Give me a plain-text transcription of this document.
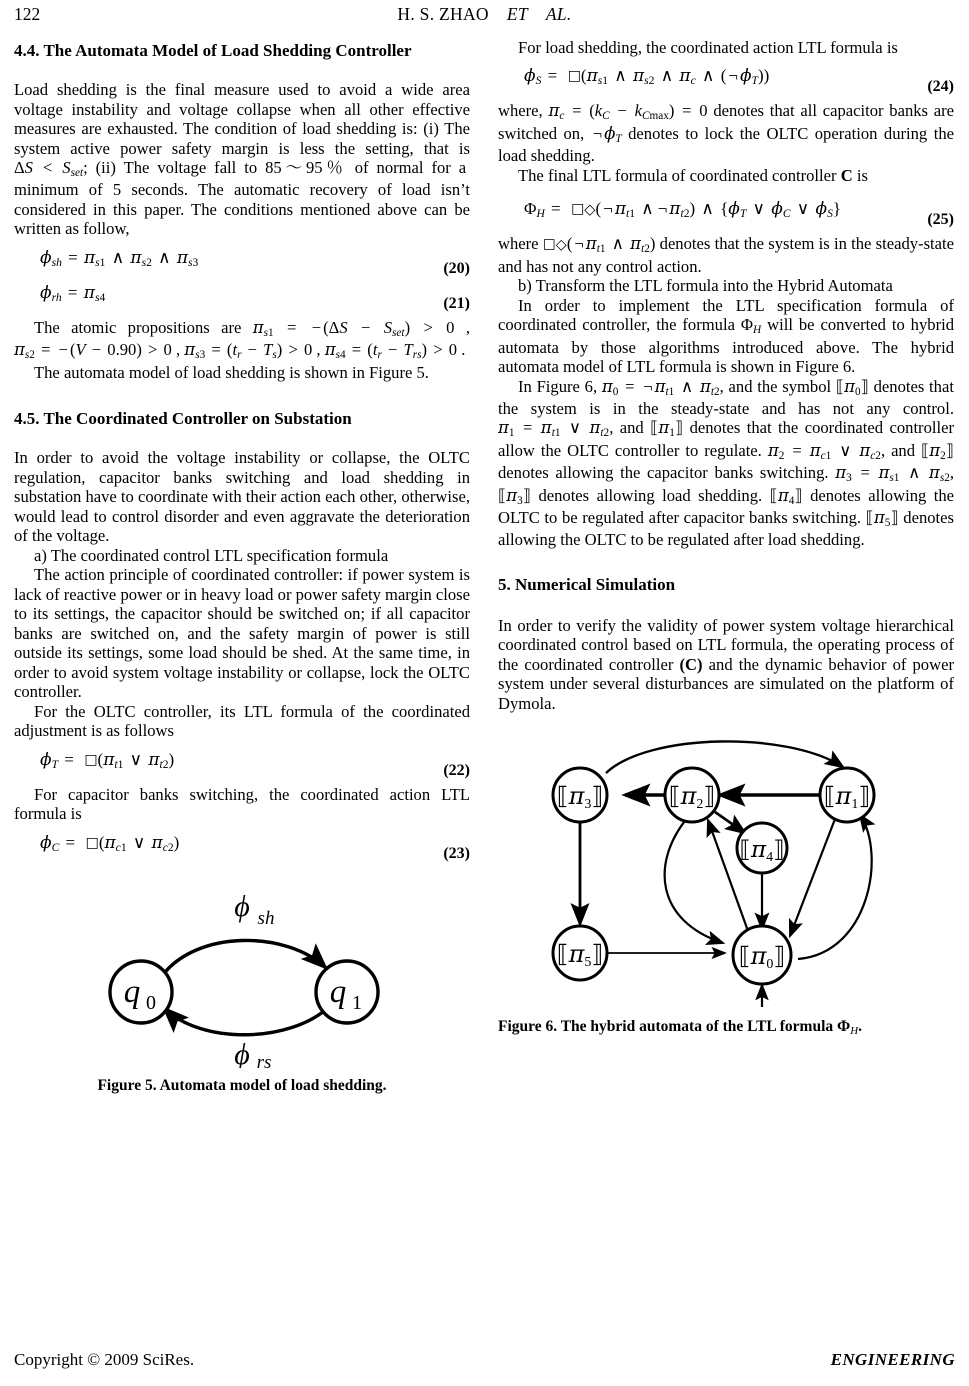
122	H. S. ZHAO ET AL.
4.4. The Automata Model of Load Shedding Controller

Load shedding is the final measure used to avoid a wide area voltage instability and voltage collapse when all other effective measures are exhausted. The condition of load shedding is: (i) The system active power safety margin is less the setting, that is $\Delta S < S_{set}$; (ii) The voltage fall to 85～95％ of normal for a minimum of 5 seconds. The automatic recovery of load isn’t considered in this paper. The conditions mentioned above can be written as follow,

$\phi_{sh} = \pi_{s1}$ ∧ $\pi_{s2}$ ∧ $\pi_{s3}$	(20)
$\phi_{rh} = \pi_{s4}$	(21)

The atomic propositions are $\pi_{s1}$ = − $(\Delta S - S_{set}) > 0$ , $\pi_{s2}$ = − (V − 0.90) > 0 , $\pi_{s3} = (t_r - T_s) > 0$ , $\pi_{s4} = (t_r - T_{rs}) > 0$ .

The automata model of load shedding is shown in Figure 5.

4.5. The Coordinated Controller on Substation

In order to avoid the voltage instability or collapse, the OLTC regulation, capacitor banks switching and load shedding in substation have to coordinate with their action each other, otherwise, would lead to control disorder and even aggravate the deterioration of the voltage.

a) The coordinated control LTL specification formula

The action principle of coordinated controller: if power system is lack of reactive power or in heavy load or power safety margin close to its settings, the capacitor should be switched on; if all capacitor banks are switched on, and the safety margin of power is still outside its settings, some load should be shed. At the same time, in order to avoid system voltage instability or collapse, lock the OLTC controller.

For the OLTC controller, its LTL formula of the coordinated adjustment is as follows

$\phi_T$ = $□(\pi_{t1}$ ∨ $\pi_{t2}$)
(22)

For capacitor banks switching, the coordinated action LTL formula is

$\phi_C$ = $□(\pi_{c1}$ ∨ $\pi_{c2}$)
(23)
q 0	q 1
ϕ sh
ϕ rs
Figure 5. Automata model of load shedding.

For load shedding, the coordinated action LTL formula is

$\phi_S$ = $□(\pi_{s1}$ ∧ $\pi_{s2}$ ∧ $\pi_c$ ∧ ( ¬ $\phi_T$))
(24)

where, $\pi_c = (k_C - k_{Cmax}) = 0$ denotes that all capacitor banks are switched on, ¬ $\phi_T$ denotes to lock the OLTC operation during the load shedding.

The final LTL formula of coordinated controller C is

$\Phi_H$ = □◇( ¬ $\pi_{t1}$ ∧ ¬ $\pi_{t2}$) ∧ {$\phi_T$ ∨ $\phi_C$ ∨ $\phi_S$}
(25)

where □◇( ¬ $\pi_{t1}$ ∧ $\pi_{t2}$) denotes that the system is in the steady-state and has not any control action.

b) Transform the LTL formula into the Hybrid Automata

In order to implement the LTL specification formula of coordinated controller, the formula $\Phi_H$ will be converted to hybrid automata by those algorithms introduced above. The hybrid automata model of LTL formula is shown in Figure 6.

In Figure 6, $\pi_0$ = ¬ $\pi_{t1}$ ∧ $\pi_{t2}$, and the symbol $⟦\pi_0⟧$ denotes that the system is in the steady-state and has not any control. $\pi_1 = \pi_{t1}$ ∨ $\pi_{t2}$, and $⟦\pi_1⟧$ denotes that the coordinated controller allow the OLTC controller to regulate. $\pi_2 = \pi_{c1}$ ∨ $\pi_{c2}$, and $⟦\pi_2⟧$ denotes allowing the capacitor banks switching. $\pi_3 = \pi_{s1}$ ∧ $\pi_{s2}$, $⟦\pi_3⟧$ denotes allowing load shedding. $⟦\pi_4⟧$ denotes allowing the OLTC to be regulated after capacitor banks switching. $⟦\pi_5⟧$ denotes allowing the OLTC to be regulated after load shedding.

5. Numerical Simulation

In order to verify the validity of power system voltage hierarchical coordinated control based on LTL formula, the operating process of the coordinated controller (C) and the dynamic behavior of power system under several disturbances are simulated on the platform of Dymola.

⟦π3⟧	⟦π2⟧	⟦π1⟧
⟦π4⟧
⟦π5⟧	⟦π0⟧
Figure 6. The hybrid automata of the LTL formula $\Phi_H$.
Copyright © 2009 SciRes.	ENGINEERING
